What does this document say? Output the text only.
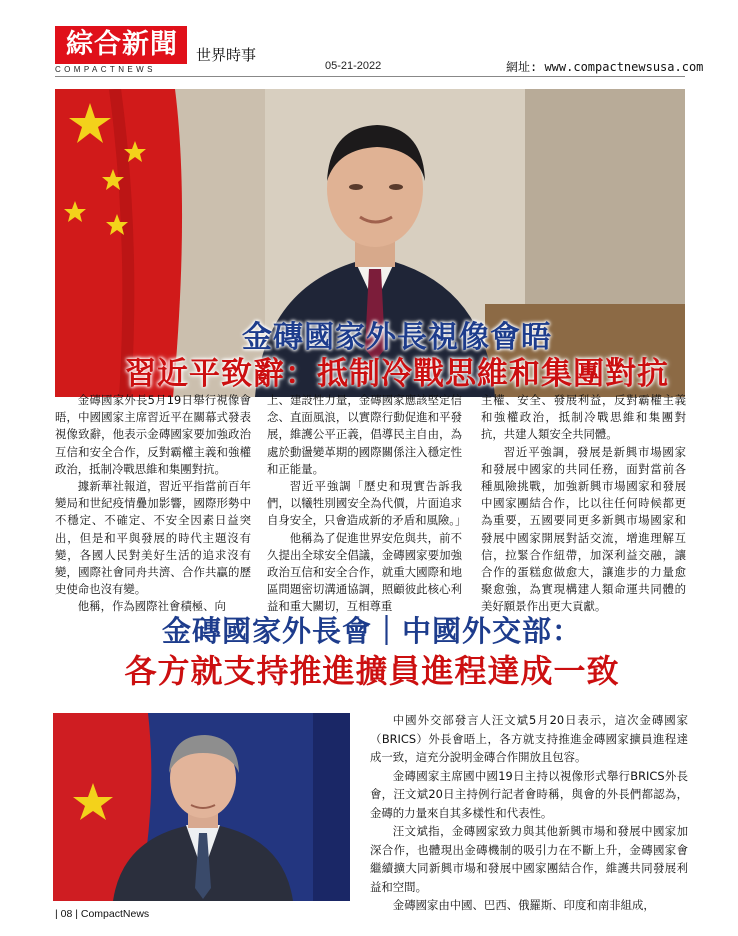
綜合新聞
COMPACTNEWS
世界時事
05-21-2022	網址: www.compactnewsusa.com
金磚國家外長視像會晤
習近平致辭：抵制冷戰思維和集團對抗

金磚國家外長5月19日舉行視像會晤，中國國家主席習近平在關幕式發表視像致辭，他表示金磚國家要加強政治互信和安全合作，反對霸權主義和強權政治，抵制冷戰思維和集團對抗。

據新華社報道，習近平指當前百年變局和世紀疫情疊加影響，國際形勢中不穩定、不確定、不安全因素日益突出，但是和平與發展的時代主題沒有變，各國人民對美好生活的追求沒有變，國際社會同舟共濟、合作共贏的歷史使命也沒有變。

他稱，作為國際社會積極、向

上、建設性力量，金磚國家應該堅定信念、直面風浪，以實際行動促進和平發展，維護公平正義，倡導民主自由，為處於動盪變革期的國際關係注入穩定性和正能量。

習近平強調「歷史和現實告訴我們，以犧牲別國安全為代價，片面追求自身安全，只會造成新的矛盾和風險。」

他稱為了促進世界安危與共，前不久提出全球安全倡議，金磚國家要加強政治互信和安全合作，就重大國際和地區問題密切溝通協調，照顧彼此核心利益和重大關切，互相尊重

主權、安全、發展利益，反對霸權主義和強權政治，抵制冷戰思維和集團對抗，共建人類安全共同體。

習近平強調，發展是新興市場國家和發展中國家的共同任務，面對當前各種風險挑戰，加強新興市場國家和發展中國家團結合作，比以往任何時候都更為重要，五國要同更多新興市場國家和發展中國家開展對話交流，增進理解互信，拉緊合作紐帶，加深利益交融，讓合作的蛋糕愈做愈大，讓進步的力量愈聚愈強，為實現構建人類命運共同體的美好願景作出更大貢獻。

金磚國家外長會｜中國外交部：
各方就支持推進擴員進程達成一致

中國外交部發言人汪文斌5月20日表示，這次金磚國家（BRICS）外長會晤上，各方就支持推進金磚國家擴員進程達成一致，這充分說明金磚合作開放且包容。

金磚國家主席國中國19日主持以視像形式舉行BRICS外長會，汪文斌20日主持例行記者會時稱，與會的外長們都認為，金磚的力量來自其多樣性和代表性。

汪文斌指，金磚國家致力與其他新興市場和發展中國家加深合作，也體現出金磚機制的吸引力在不斷上升，金磚國家會繼續擴大同新興市場和發展中國家團結合作，維護共同發展利益和空間。

金磚國家由中國、巴西、俄羅斯、印度和南非組成，

| 08 | CompactNews
